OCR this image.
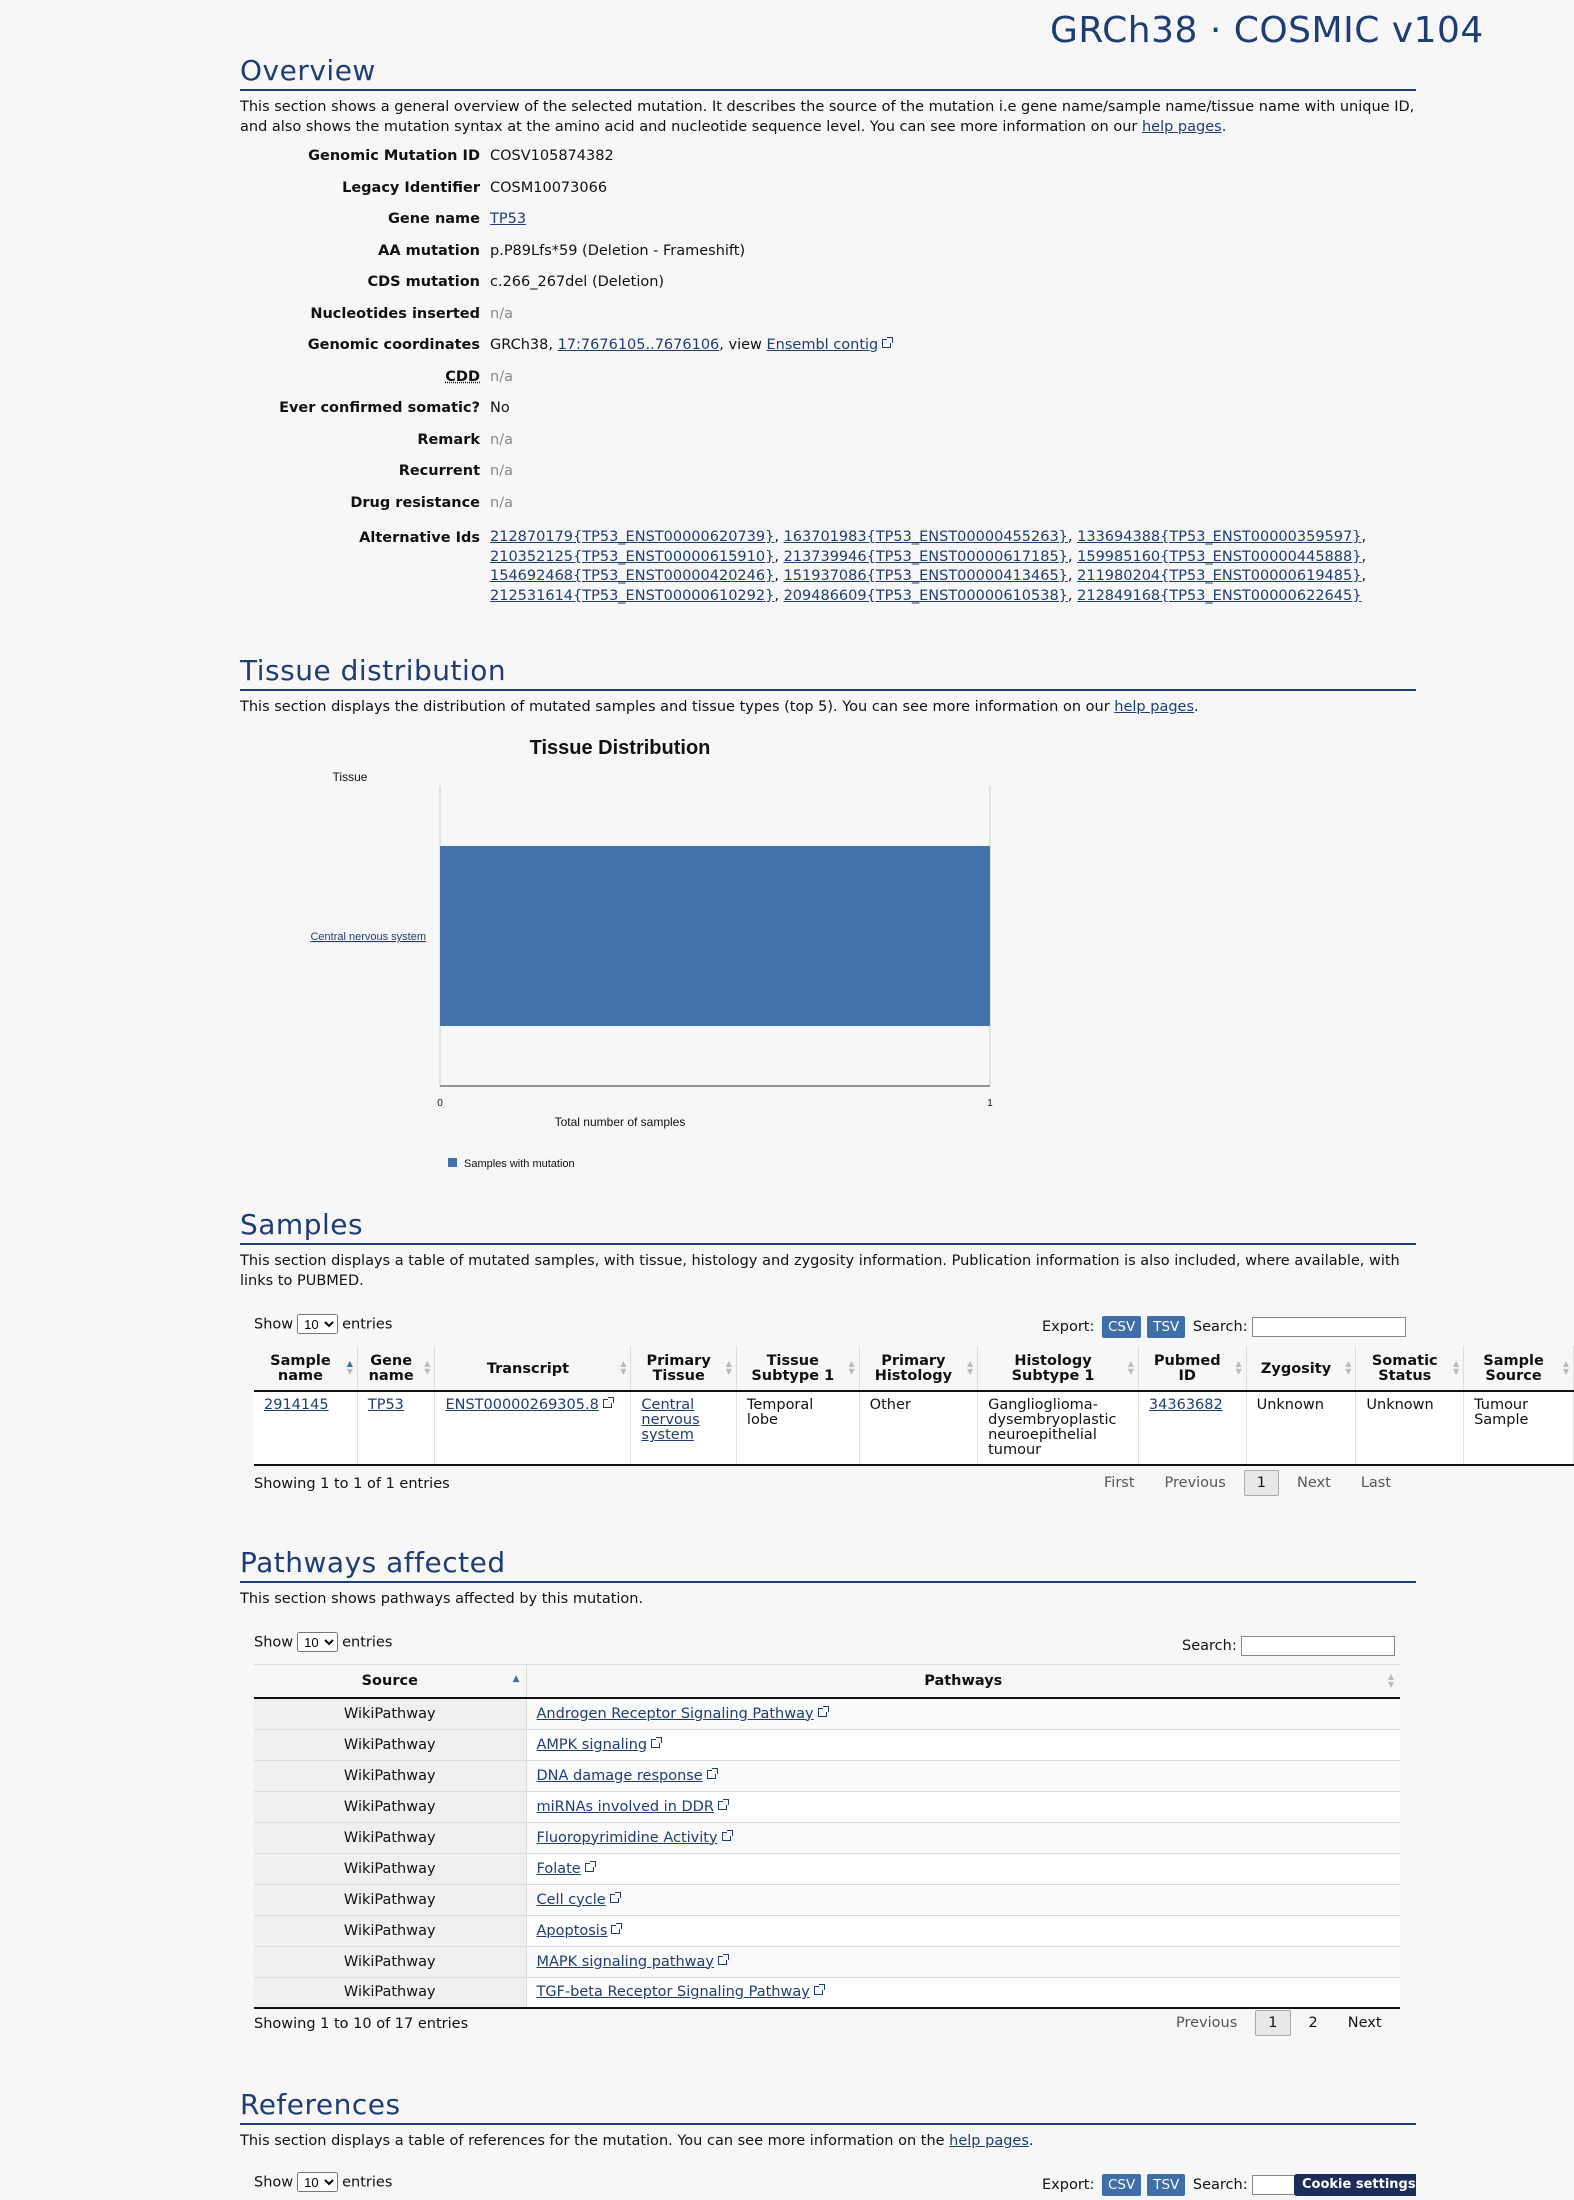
GRCh38 · COSMIC v104
Overview

This section shows a general overview of the selected mutation. It describes the source of the mutation i.e gene name/sample name/tissue name with unique ID, and also shows the mutation syntax at the amino acid and nucleotide sequence level. You can see more information on our help pages.

Genomic Mutation ID COSV105874382
Legacy Identifier COSM10073066
Gene name TP53
AA mutation p.P89Lfs*59 (Deletion - Frameshift)
CDS mutation c.266_267del (Deletion)
Nucleotides inserted n/a
Genomic coordinates GRCh38, 17:7676105..7676106, view Ensembl contig
CDD n/a
Ever confirmed somatic? No
Remark n/a
Recurrent n/a
Drug resistance n/a
Alternative Ids 212870179{TP53_ENST00000620739}, 163701983{TP53_ENST00000455263}, 133694388{TP53_ENST00000359597}, 210352125{TP53_ENST00000615910}, 213739946{TP53_ENST00000617185}, 159985160{TP53_ENST00000445888}, 154692468{TP53_ENST00000420246}, 151937086{TP53_ENST00000413465}, 211980204{TP53_ENST00000619485}, 212531614{TP53_ENST00000610292}, 209486609{TP53_ENST00000610538}, 212849168{TP53_ENST00000622645}
Tissue distribution

This section displays the distribution of mutated samples and tissue types (top 5). You can see more information on our help pages.

Tissue Distribution
Tissue
Central nervous system
0	1
Total number of samples
Samples with mutation
Samples

This section displays a table of mutated samples, with tissue, histology and zygosity information. Publication information is also included, where available, with links to PUBMED.

Show
10	entries	Export: CSV TSV Search:
Sample name
▲
▼	Gene name
▲
▼	Transcript ▲
▼	Primary Tissue
▲
▼	Tissue Subtype 1
▲
▼	Primary Histology
▲
▼	Histology Subtype 1
▲
▼	Pubmed ID
▲
▼	Zygosity ▲
▼	Somatic Status
▲
▼	Sample Source
▲
▼

2914145	TP53	ENST00000269305.8	Central nervous system	Temporal lobe	Other	Ganglioglioma-dysembryoplastic neuroepithelial tumour	34363682	Unknown	Unknown	Tumour Sample
Showing 1 to 1 of 1 entries	First Previous 1 Next Last
Pathways affected

This section shows pathways affected by this mutation.

Show
10	entries	Search:
Source ▲	Pathways ▲
▼

WikiPathway	Androgen Receptor Signaling Pathway
WikiPathway	AMPK signaling
WikiPathway	DNA damage response
WikiPathway	miRNAs involved in DDR
WikiPathway	Fluoropyrimidine Activity
WikiPathway	Folate
WikiPathway	Cell cycle
WikiPathway	Apoptosis
WikiPathway	MAPK signaling pathway
WikiPathway	TGF-beta Receptor Signaling Pathway
Showing 1 to 10 of 17 entries	Previous 1 2 Next
References

This section displays a table of references for the mutation. You can see more information on the help pages.

Show
10	entries	Export: CSV TSV Search:	Cookie settings
